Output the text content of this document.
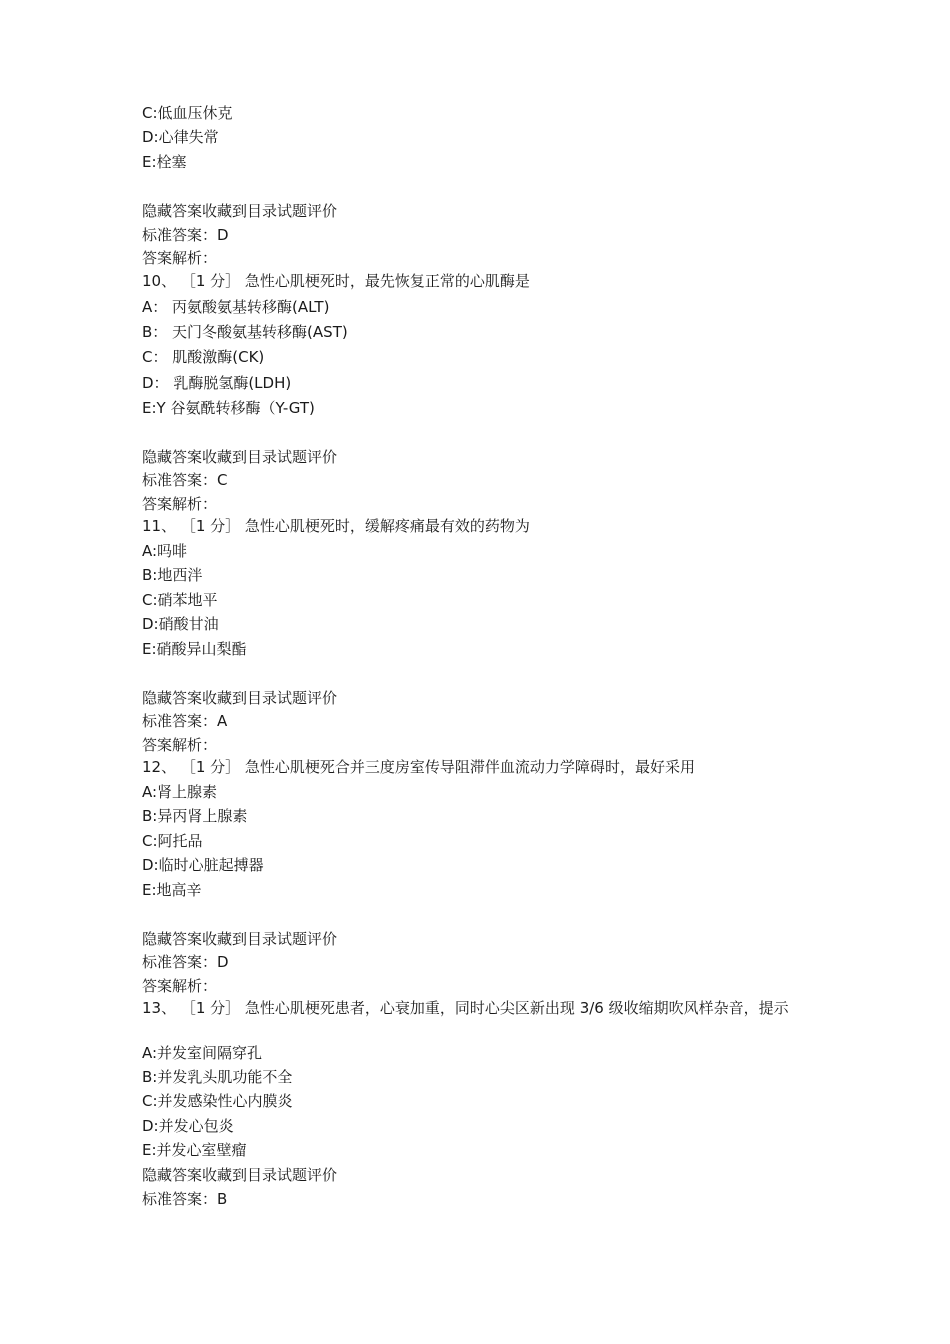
C:低血压休克
D:心律失常
E:栓塞
隐藏答案收藏到目录试题评价
标准答案：D
答案解析：
10、 ［1 分］ 急性心肌梗死时，最先恢复正常的心肌酶是
A： 丙氨酸氨基转移酶(ALT)
B： 天门冬酸氨基转移酶(AST)
C： 肌酸激酶(CK)
D： 乳酶脱氢酶(LDH)
E:Y 谷氨酰转移酶（Y-GT)
隐藏答案收藏到目录试题评价
标准答案：C
答案解析：
11、 ［1 分］ 急性心肌梗死时，缓解疼痛最有效的药物为
A:吗啡
B:地西泮
C:硝苯地平
D:硝酸甘油
E:硝酸异山梨酯
隐藏答案收藏到目录试题评价
标准答案：A
答案解析：
12、 ［1 分］ 急性心肌梗死合并三度房室传导阻滞伴血流动力学障碍时，最好采用
A:肾上腺素
B:异丙肾上腺素
C:阿托品
D:临时心脏起搏器
E:地高辛
隐藏答案收藏到目录试题评价
标准答案：D
答案解析：
13、 ［1 分］ 急性心肌梗死患者，心衰加重，同时心尖区新出现 3/6 级收缩期吹风样杂音，提示
A:并发室间隔穿孔
B:并发乳头肌功能不全
C:并发感染性心内膜炎
D:并发心包炎
E:并发心室壁瘤
隐藏答案收藏到目录试题评价
标准答案：B
